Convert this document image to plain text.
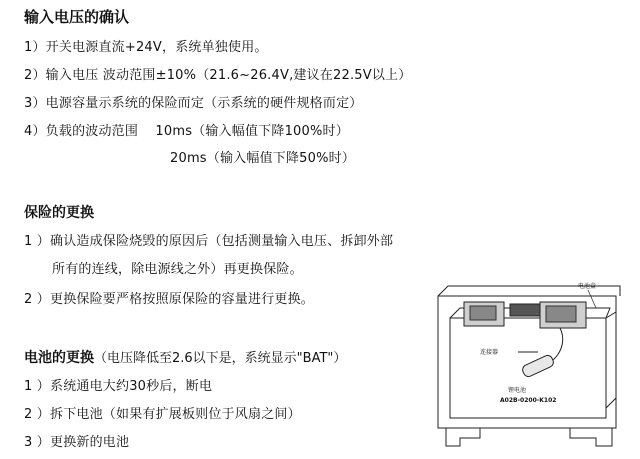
输入电压的确认
1）开关电源直流+24V，系统单独使用。
2）输入电压 波动范围±10%（21.6~26.4V,建议在22.5V以上）
3）电源容量示系统的保险而定（示系统的硬件规格而定）
4）负载的波动范围    10ms（输入幅值下降100%时）
20ms（输入幅值下降50%时）
保险的更换
1 ）确认造成保险烧毁的原因后（包括测量输入电压、拆卸外部
所有的连线，除电源线之外）再更换保险。
2 ）更换保险要严格按照原保险的容量进行更换。
电池的更换（电压降低至2.6以下是，系统显示"BAT"）
1 ）系统通电大约30秒后，断电
2 ）拆下电池（如果有扩展板则位于风扇之间）
3 ）更换新的电池
电池盒
连接器
锂电池
A02B-0200-K102
